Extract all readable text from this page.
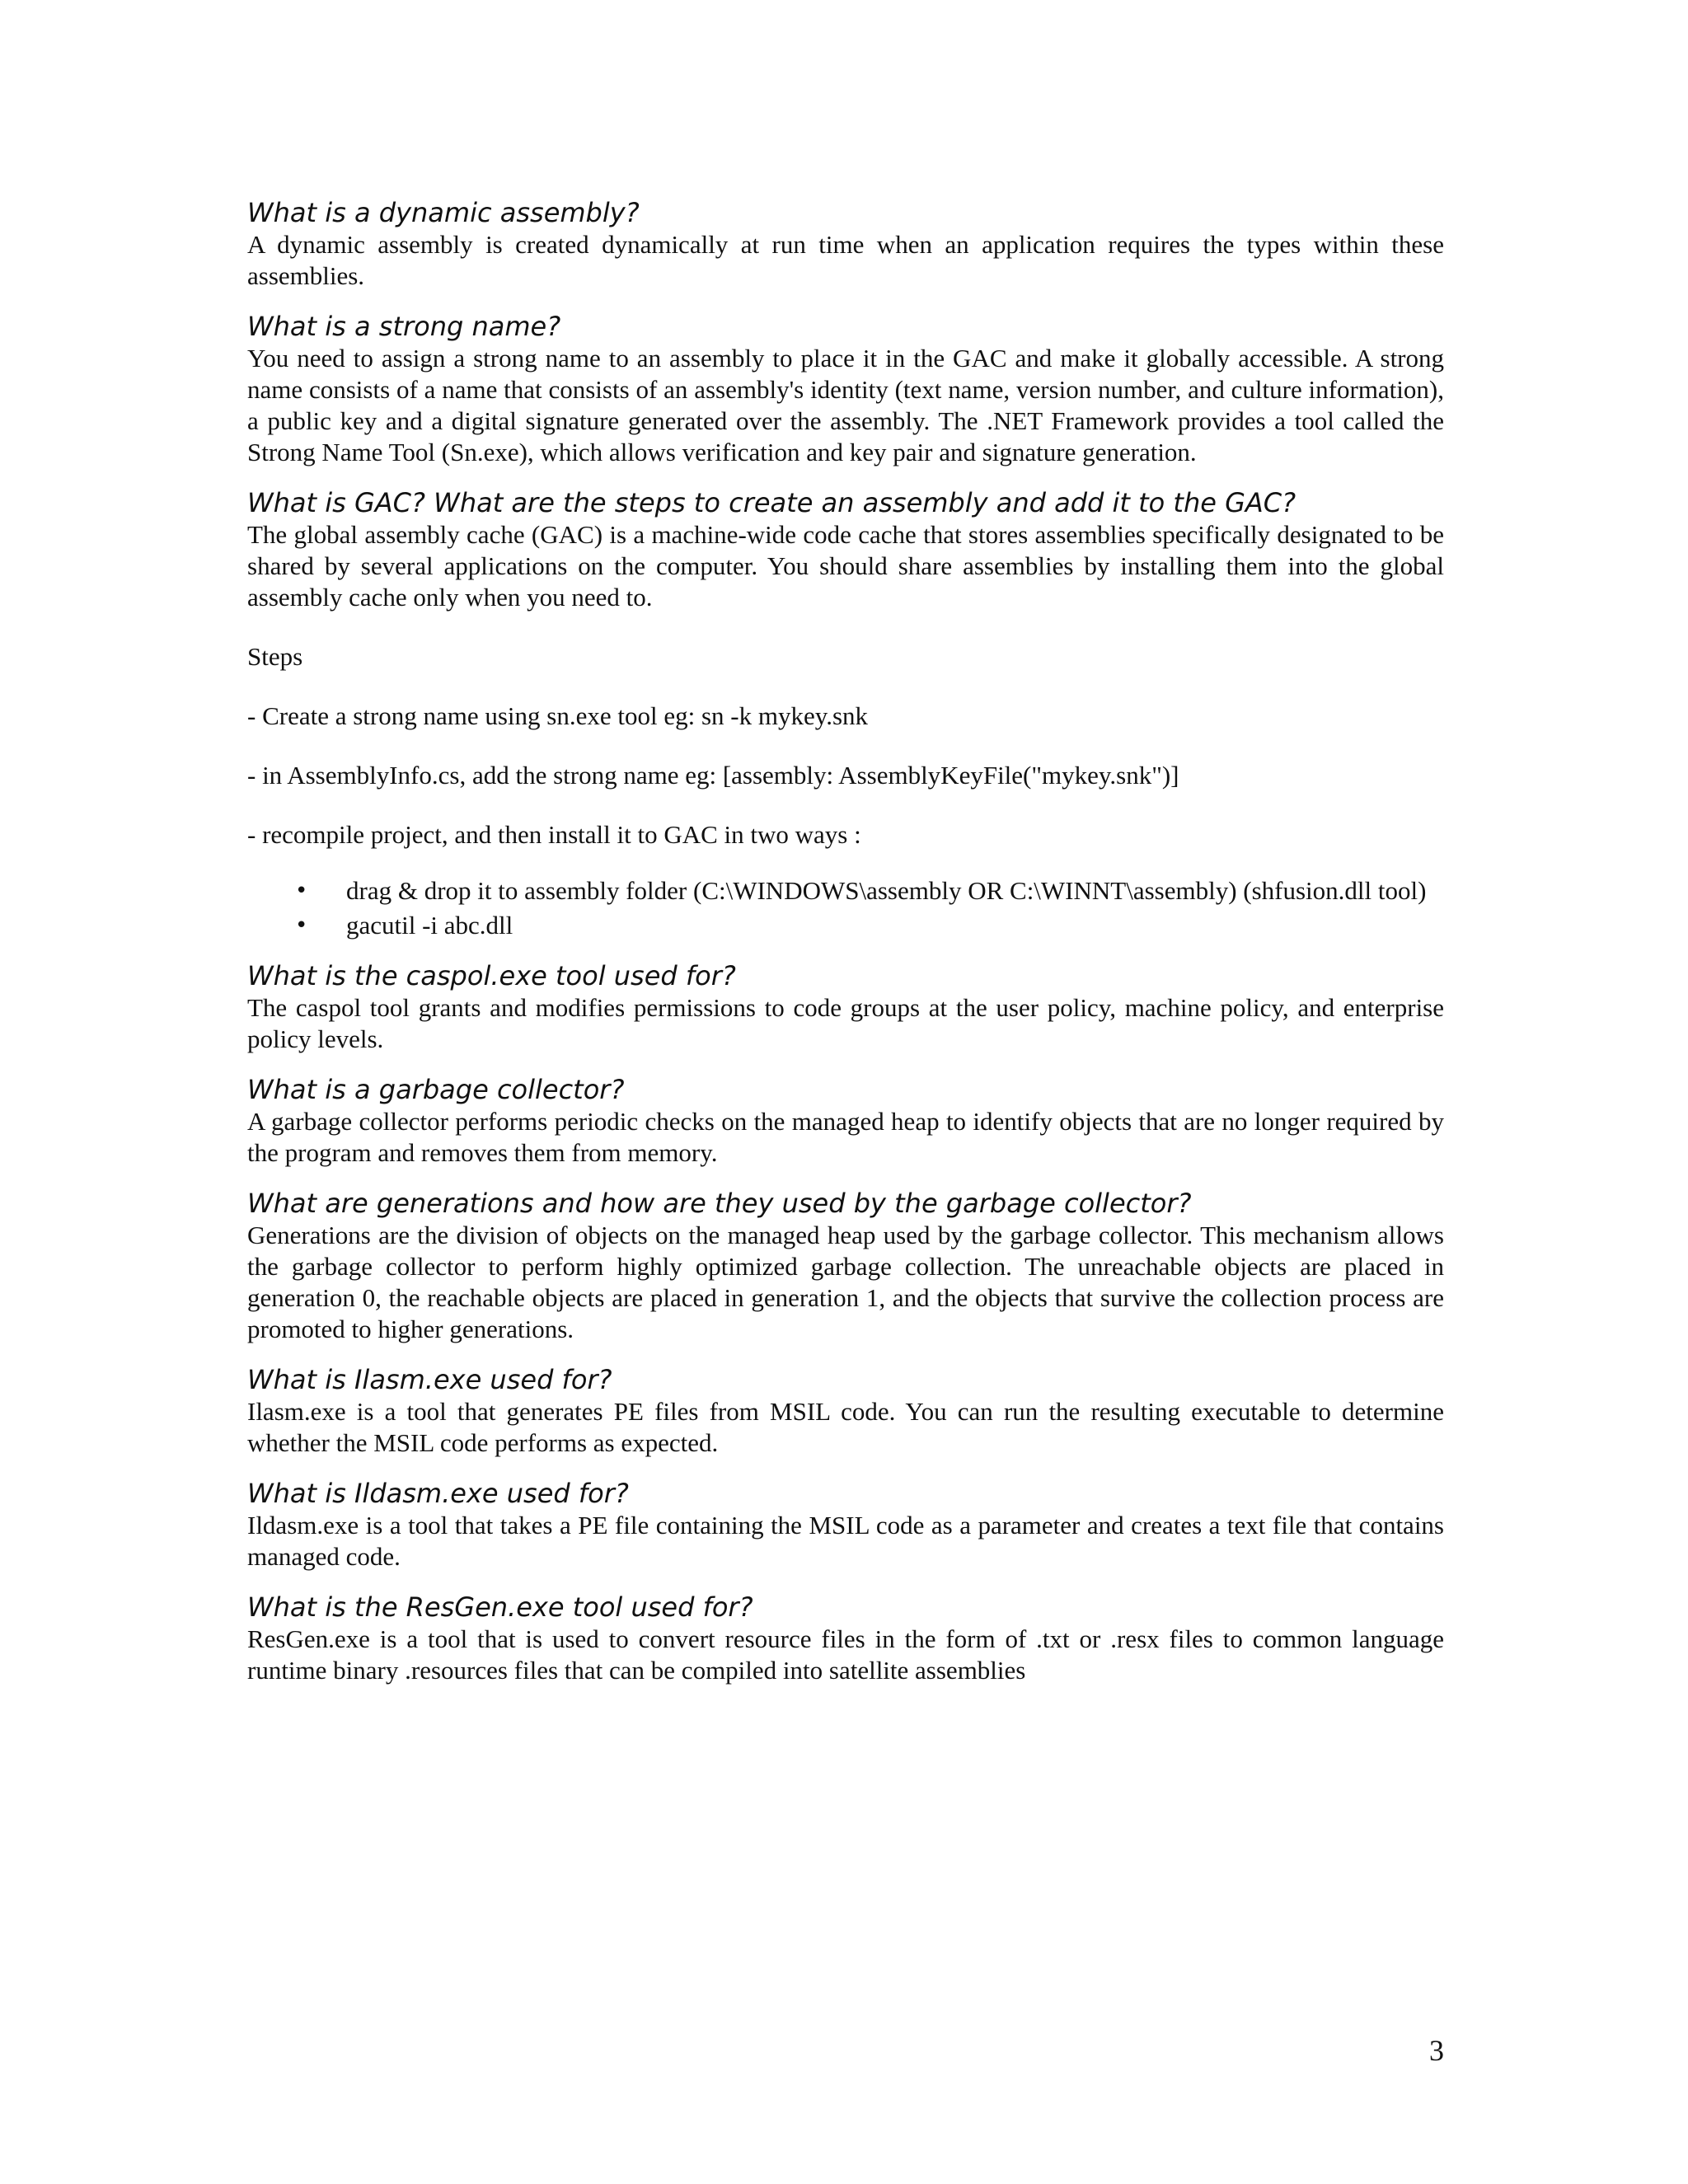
What is a dynamic assembly?

A dynamic assembly is created dynamically at run time when an application requires the types within these assemblies.

What is a strong name?

You need to assign a strong name to an assembly to place it in the GAC and make it globally accessible. A strong name consists of a name that consists of an assembly's identity (text name, version number, and culture information), a public key and a digital signature generated over the assembly. The .NET Framework provides a tool called the Strong Name Tool (Sn.exe), which allows verification and key pair and signature generation.

What is GAC? What are the steps to create an assembly and add it to the GAC?

The global assembly cache (GAC) is a machine-wide code cache that stores assemblies specifically designated to be shared by several applications on the computer. You should share assemblies by installing them into the global assembly cache only when you need to.

Steps

- Create a strong name using sn.exe tool eg: sn -k mykey.snk

- in AssemblyInfo.cs, add the strong name eg: [assembly: AssemblyKeyFile("mykey.snk")]

- recompile project, and then install it to GAC in two ways :

• drag & drop it to assembly folder (C:\WINDOWS\assembly OR C:\WINNT\assembly) (shfusion.dll tool)
• gacutil -i abc.dll

What is the caspol.exe tool used for?

The caspol tool grants and modifies permissions to code groups at the user policy, machine policy, and enterprise policy levels.

What is a garbage collector?

A garbage collector performs periodic checks on the managed heap to identify objects that are no longer required by the program and removes them from memory.

What are generations and how are they used by the garbage collector?

Generations are the division of objects on the managed heap used by the garbage collector. This mechanism allows the garbage collector to perform highly optimized garbage collection. The unreachable objects are placed in generation 0, the reachable objects are placed in generation 1, and the objects that survive the collection process are promoted to higher generations.

What is Ilasm.exe used for?

Ilasm.exe is a tool that generates PE files from MSIL code. You can run the resulting executable to determine whether the MSIL code performs as expected.

What is Ildasm.exe used for?

Ildasm.exe is a tool that takes a PE file containing the MSIL code as a parameter and creates a text file that contains managed code.

What is the ResGen.exe tool used for?

ResGen.exe is a tool that is used to convert resource files in the form of .txt or .resx files to common language runtime binary .resources files that can be compiled into satellite assemblies

3
